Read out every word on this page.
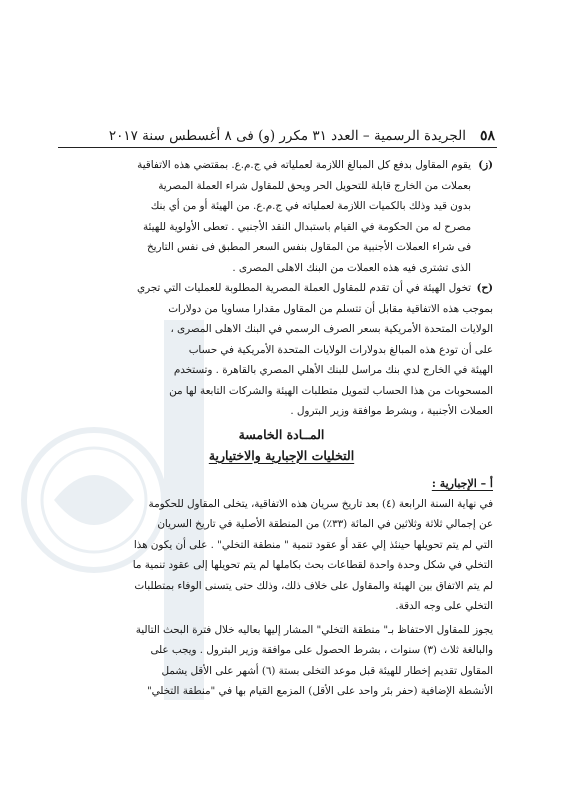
٥٨
الجريدة الرسمية – العدد ٣١ مكرر (و) فى ٨ أغسطس سنة ٢٠١٧
(ز)

يقوم المقاول بدفع كل المبالغ اللازمة لعملياته في ج.م.ع. بمقتضي هذه الاتفاقية

بعملات من الخارج قابلة للتحويل الحر ويحق للمقاول شراء العملة المصرية

بدون قيد وذلك بالكميات اللازمة لعملياته في ج.م.ع. من الهيئة أو من أي بنك

مصرح له من الحكومة في القيام باستبدال النقد الأجنبي . تعطى الأولوية للهيئة

فى شراء العملات الأجنبية من المقاول بنفس السعر المطبق فى نفس التاريخ

الذى تشترى فيه هذه العملات من البنك الاهلى المصرى .

(ح)

تخول الهيئة في أن تقدم للمقاول العملة المصرية المطلوبة للعمليات التي تجري

بموجب هذه الاتفاقية مقابل أن تتسلم من المقاول مقدارا مساويا من دولارات

الولايات المتحدة الأمريكية بسعر الصرف الرسمي في البنك الاهلى المصرى ،

على أن تودع هذه المبالغ بدولارات الولايات المتحدة الأمريكية في حساب

الهيئة في الخارج لدي بنك مراسل للبنك الأهلي المصري بالقاهرة . وتستخدم

المسحوبات من هذا الحساب لتمويل متطلبات الهيئة والشركات التابعة لها من

العملات الأجنبية ، وبشرط موافقة وزير البترول .

المــادة الخامسة
التخليات الإجبارية والاختيارية
أ – الإجبارية :

في نهاية السنة الرابعة (٤) بعد تاريخ سريان هذه الاتفاقية، يتخلى المقاول للحكومة

عن إجمالي ثلاثة وثلاثين في المائة (٣٣٪) من المنطقة الأصلية في تاريخ السريان

التي لم يتم تحويلها حينئذ إلي عقد أو عقود تنمية " منطقة التخلي" . على أن يكون هذا

التخلي في شكل وحدة واحدة لقطاعات بحث بكاملها لم يتم تحويلها إلى عقود تنمية ما

لم يتم الاتفاق بين الهيئة والمقاول على خلاف ذلك، وذلك حتى يتسنى الوفاء بمتطلبات

التخلي على وجه الدقة.

يجوز للمقاول الاحتفاظ بـ" منطقة التخلي" المشار إليها بعاليه خلال فترة البحث التالية

والبالغة ثلاث (٣) سنوات ، بشرط الحصول على موافقة وزير البترول . ويجب على

المقاول تقديم إخطار للهيئة قبل موعد التخلى بستة (٦) أشهر على الأقل يشمل

الأنشطة الإضافية (حفر بئر واحد على الأقل) المزمع القيام بها في "منطقة التخلي"
